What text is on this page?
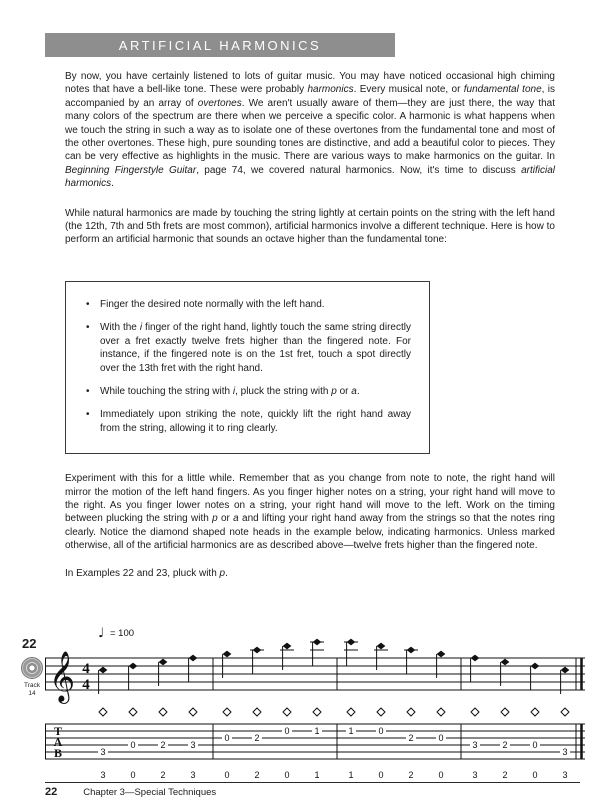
ARTIFICIAL HARMONICS

By now, you have certainly listened to lots of guitar music. You may have noticed occasional high chiming notes that have a bell-like tone. These were probably harmonics. Every musical note, or fundamental tone, is accompanied by an array of overtones. We aren't usually aware of them—they are just there, the way that many colors of the spectrum are there when we perceive a specific color. A harmonic is what happens when we touch the string in such a way as to isolate one of these overtones from the fundamental tone and most of the other overtones. These high, pure sounding tones are distinctive, and add a beautiful color to pieces. They can be very effective as highlights in the music. There are various ways to make harmonics on the guitar. In Beginning Fingerstyle Guitar, page 74, we covered natural harmonics. Now, it's time to discuss artificial harmonics.

While natural harmonics are made by touching the string lightly at certain points on the string with the left hand (the 12th, 7th and 5th frets are most common), artificial harmonics involve a different technique. Here is how to perform an artificial harmonic that sounds an octave higher than the fundamental tone:

• Finger the desired note normally with the left hand.
• With the i finger of the right hand, lightly touch the same string directly over a fret exactly twelve frets higher than the fingered note. For instance, if the fingered note is on the 1st fret, touch a spot directly over the 13th fret with the right hand.
• While touching the string with i, pluck the string with p or a.
• Immediately upon striking the note, quickly lift the right hand away from the string, allowing it to ring clearly.

Experiment with this for a little while. Remember that as you change from note to note, the right hand will mirror the motion of the left hand fingers. As you finger higher notes on a string, your right hand will move to the right. As you finger lower notes on a string, your right hand will move to the left. Work on the timing between plucking the string with p or a and lifting your right hand away from the strings so that the notes ring clearly. Notice the diamond shaped note heads in the example below, indicating harmonics. Unless marked otherwise, all of the artificial harmonics are as described above—twelve frets higher than the fingered note.

In Examples 22 and 23, pluck with p.

22
Track
14
♩ = 100
𝄞 4
4
T
A
B	3
0	2	3
0	2
0	1	1	0
2	0
3	2	0
3
3	0	2	3	0	2	0	1	1	0	2	0	3	2	0	3
22	Chapter 3—Special Techniques
